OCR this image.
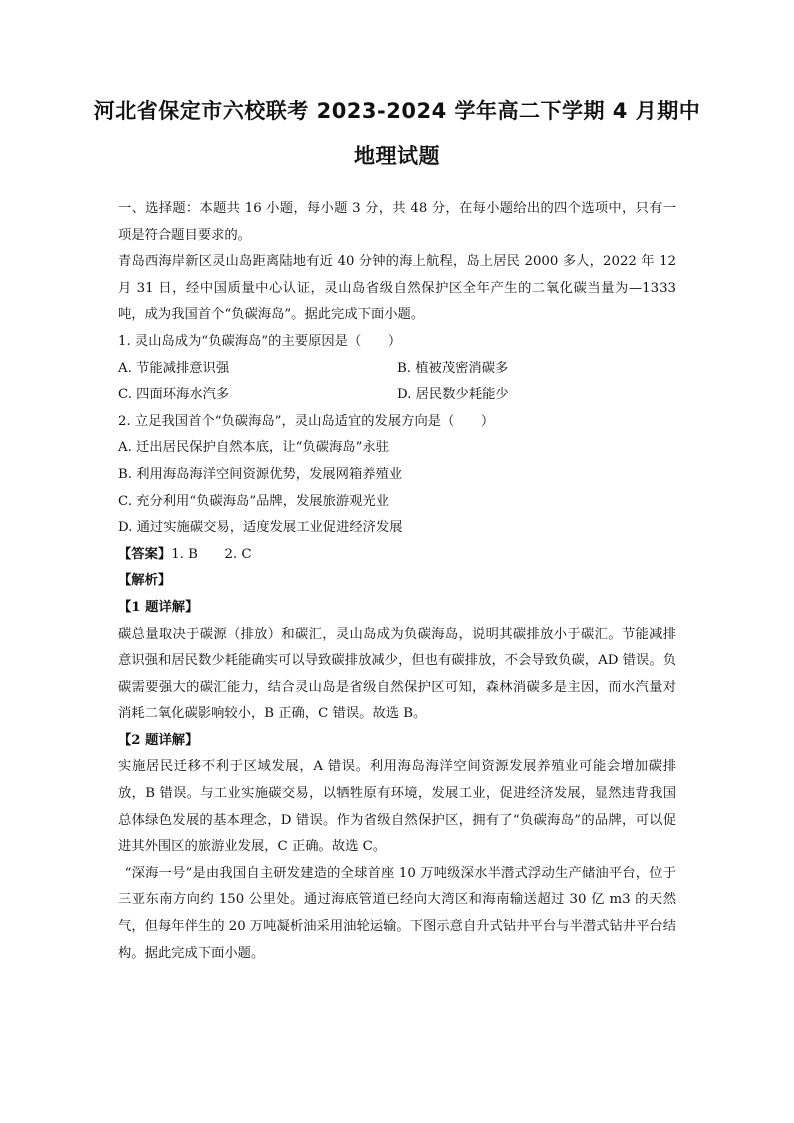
河北省保定市六校联考 2023-2024 学年高二下学期 4 月期中
地理试题

一、选择题：本题共 16 小题，每小题 3 分，共 48 分，在每小题给出的四个选项中，只有一项是符合题目要求的。

青岛西海岸新区灵山岛距离陆地有近 40 分钟的海上航程，岛上居民 2000 多人，2022 年 12 月 31 日，经中国质量中心认证，灵山岛省级自然保护区全年产生的二氧化碳当量为—1333 吨，成为我国首个“负碳海岛”。据此完成下面小题。

1. 灵山岛成为“负碳海岛”的主要原因是（　　）

A. 节能减排意识强	B. 植被茂密消碳多
C. 四面环海水汽多	D. 居民数少耗能少

2. 立足我国首个“负碳海岛”，灵山岛适宜的发展方向是（　　）

A. 迁出居民保护自然本底，让“负碳海岛”永驻

B. 利用海岛海洋空间资源优势，发展网箱养殖业

C. 充分利用“负碳海岛”品牌，发展旅游观光业

D. 通过实施碳交易，适度发展工业促进经济发展

【答案】1. B　　2. C

【解析】

【1 题详解】

碳总量取决于碳源（排放）和碳汇，灵山岛成为负碳海岛，说明其碳排放小于碳汇。节能减排意识强和居民数少耗能确实可以导致碳排放减少，但也有碳排放，不会导致负碳，AD 错误。负碳需要强大的碳汇能力，结合灵山岛是省级自然保护区可知，森林消碳多是主因，而水汽量对消耗二氧化碳影响较小，B 正确，C 错误。故选 B。

【2 题详解】

实施居民迁移不利于区域发展，A 错误。利用海岛海洋空间资源发展养殖业可能会增加碳排放，B 错误。与工业实施碳交易，以牺牲原有环境，发展工业，促进经济发展，显然违背我国总体绿色发展的基本理念，D 错误。作为省级自然保护区，拥有了“负碳海岛”的品牌，可以促进其外围区的旅游业发展，C 正确。故选 C。

“深海一号”是由我国自主研发建造的全球首座 10 万吨级深水半潜式浮动生产储油平台，位于三亚东南方向约 150 公里处。通过海底管道已经向大湾区和海南输送超过 30 亿 m3 的天然气，但每年伴生的 20 万吨凝析油采用油轮运输。下图示意自升式钻井平台与半潜式钻井平台结构。据此完成下面小题。
